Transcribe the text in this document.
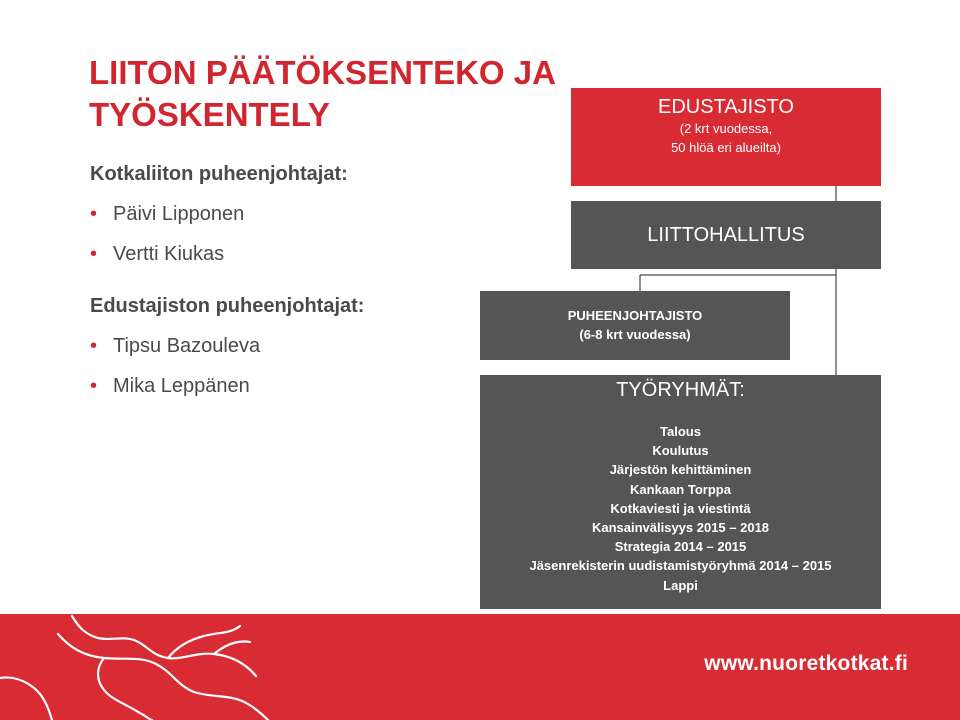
LIITON PÄÄTÖKSENTEKO JA
TYÖSKENTELY

Kotkaliiton puheenjohtajat:

• Päivi Lipponen
• Vertti Kiukas

Edustajiston puheenjohtajat:

• Tipsu Bazouleva
• Mika Leppänen
EDUSTAJISTO
(2 krt vuodessa,
50 hlöä eri alueilta)
LIITTOHALLITUS
PUHEENJOHTAJISTO
(6-8 krt vuodessa)
TYÖRYHMÄT:
Talous
Koulutus
Järjestön kehittäminen
Kankaan Torppa
Kotkaviesti ja viestintä
Kansainvälisyys 2015 – 2018
Strategia 2014 – 2015
Jäsenrekisterin uudistamistyöryhmä 2014 – 2015
Lappi
www.nuoretkotkat.fi
